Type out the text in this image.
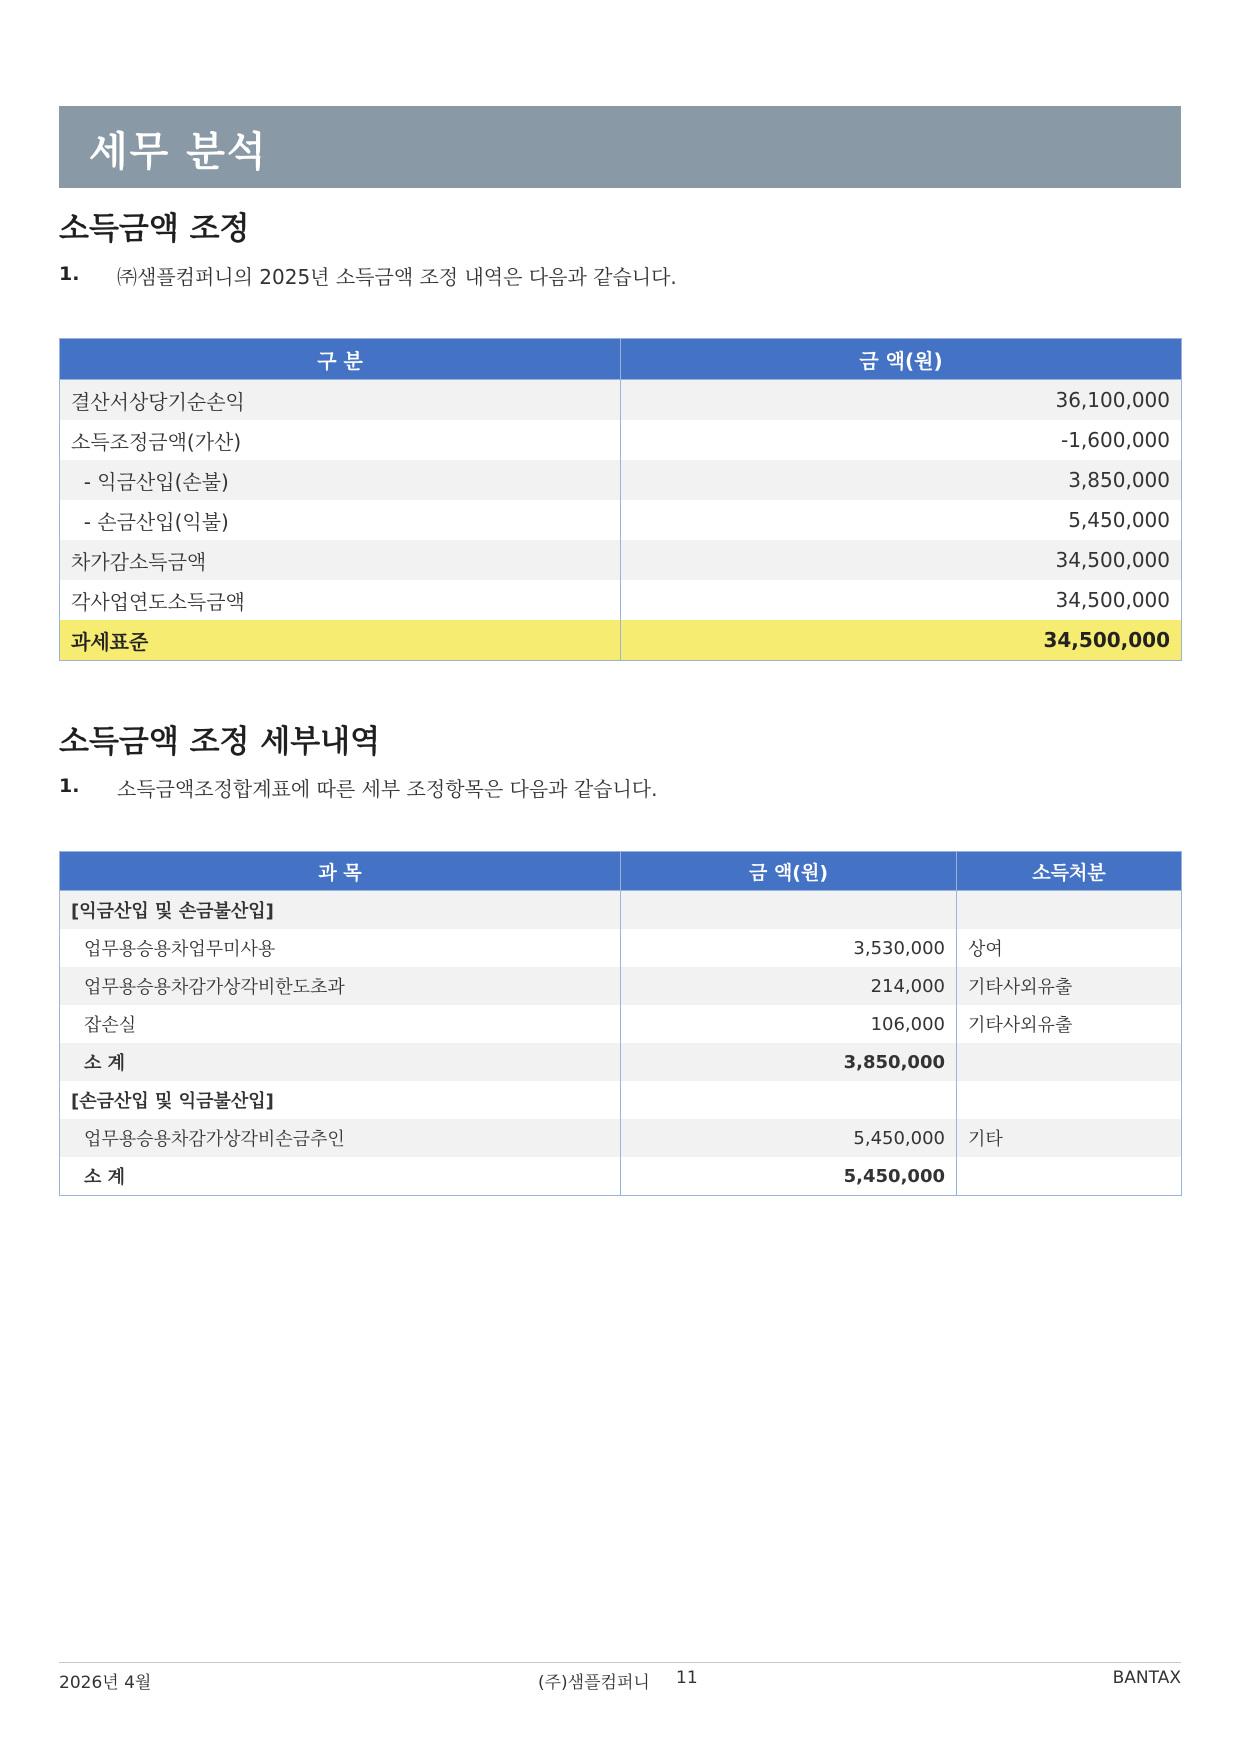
세무 분석
소득금액 조정
1. ㈜샘플컴퍼니의 2025년 소득금액 조정 내역은 다음과 같습니다.
구 분	금 액(원)
결산서상당기순손익	36,100,000
소득조정금액(가산)	-1,600,000
- 익금산입(손불)	3,850,000
- 손금산입(익불)	5,450,000
차가감소득금액	34,500,000
각사업연도소득금액	34,500,000
과세표준	34,500,000
소득금액 조정 세부내역
1. 소득금액조정합계표에 따른 세부 조정항목은 다음과 같습니다.
과 목	금 액(원)	소득처분
[익금산입 및 손금불산입]		
업무용승용차업무미사용	3,530,000	상여
업무용승용차감가상각비한도초과	214,000	기타사외유출
잡손실	106,000	기타사외유출
소 계	3,850,000	
[손금산입 및 익금불산입]		
업무용승용차감가상각비손금추인	5,450,000	기타
소 계	5,450,000	
2026년 4월	(주)샘플컴퍼니 11	BANTAX
